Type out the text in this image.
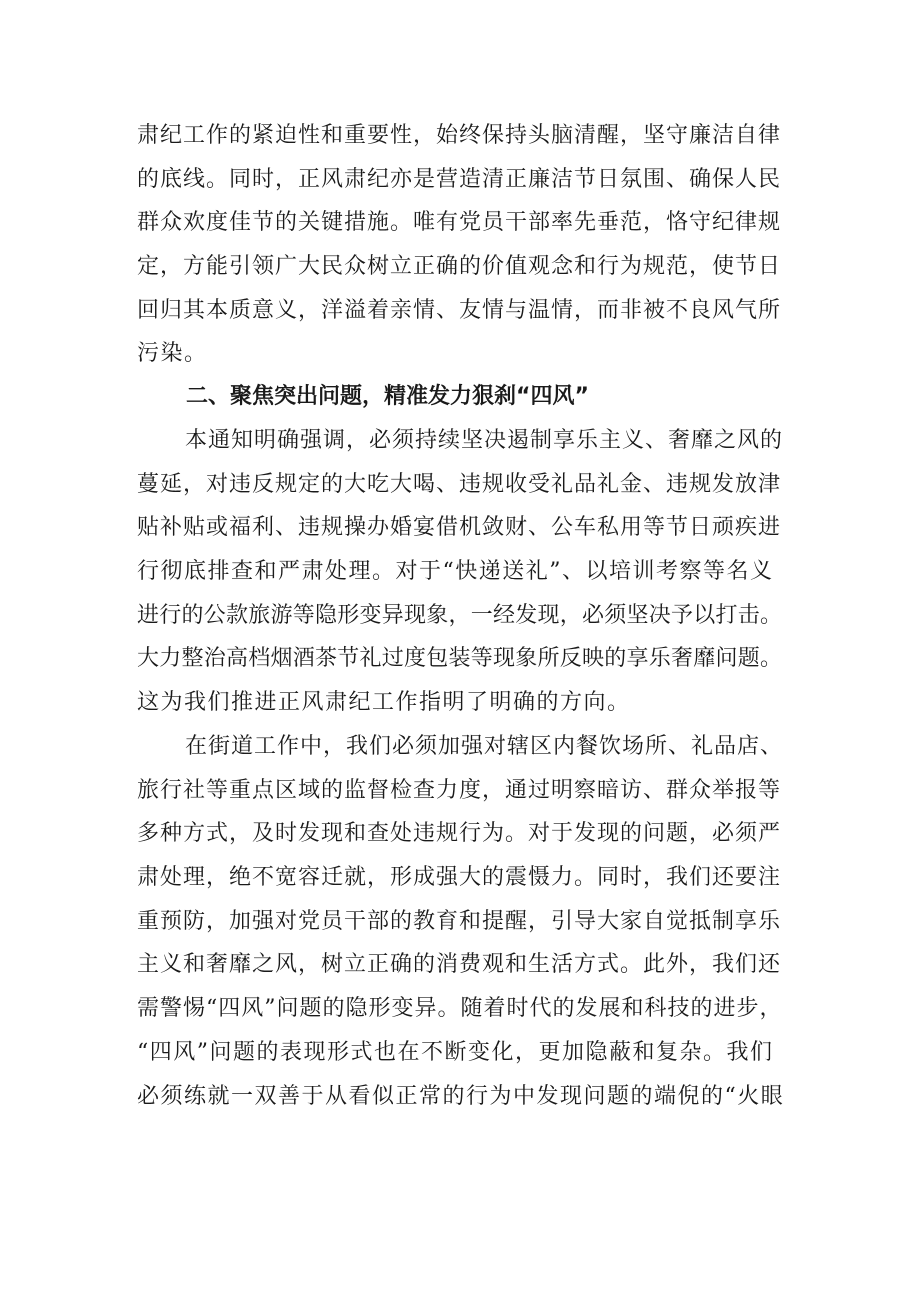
肃纪工作的紧迫性和重要性，始终保持头脑清醒，坚守廉洁自律
的底线。同时，正风肃纪亦是营造清正廉洁节日氛围、确保人民
群众欢度佳节的关键措施。唯有党员干部率先垂范，恪守纪律规
定，方能引领广大民众树立正确的价值观念和行为规范，使节日
回归其本质意义，洋溢着亲情、友情与温情，而非被不良风气所
污染。
二、聚焦突出问题，精准发力狠刹“四风”
本通知明确强调，必须持续坚决遏制享乐主义、奢靡之风的
蔓延，对违反规定的大吃大喝、违规收受礼品礼金、违规发放津
贴补贴或福利、违规操办婚宴借机敛财、公车私用等节日顽疾进
行彻底排查和严肃处理。对于“快递送礼”、以培训考察等名义
进行的公款旅游等隐形变异现象，一经发现，必须坚决予以打击。
大力整治高档烟酒茶节礼过度包装等现象所反映的享乐奢靡问题。
这为我们推进正风肃纪工作指明了明确的方向。
在街道工作中，我们必须加强对辖区内餐饮场所、礼品店、
旅行社等重点区域的监督检查力度，通过明察暗访、群众举报等
多种方式，及时发现和查处违规行为。对于发现的问题，必须严
肃处理，绝不宽容迁就，形成强大的震慑力。同时，我们还要注
重预防，加强对党员干部的教育和提醒，引导大家自觉抵制享乐
主义和奢靡之风，树立正确的消费观和生活方式。此外，我们还
需警惕“四风”问题的隐形变异。随着时代的发展和科技的进步，
“四风”问题的表现形式也在不断变化，更加隐蔽和复杂。我们
必须练就一双善于从看似正常的行为中发现问题的端倪的“火眼
